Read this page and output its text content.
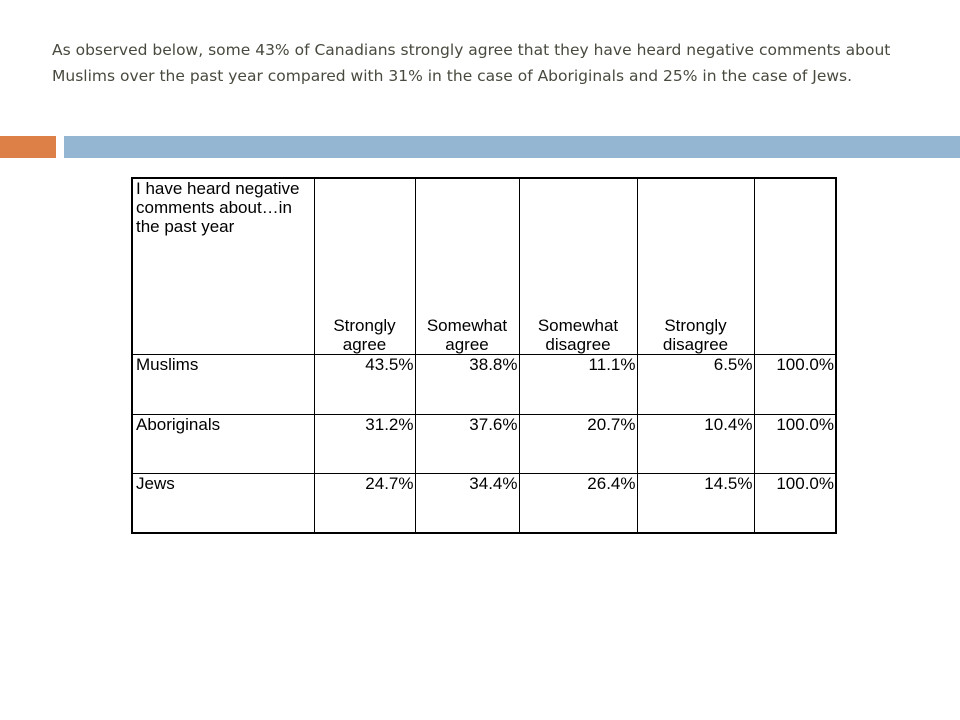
As observed below, some 43% of Canadians strongly agree that they have heard negative comments about Muslims over the past year compared with 31% in the case of Aboriginals and 25% in the case of Jews.

I have heard negative comments about…in the past year	Strongly agree	Somewhat agree	Somewhat disagree	Strongly disagree	
Muslims	43.5%	38.8%	11.1%	6.5%	100.0%
Aboriginals	31.2%	37.6%	20.7%	10.4%	100.0%
Jews	24.7%	34.4%	26.4%	14.5%	100.0%
